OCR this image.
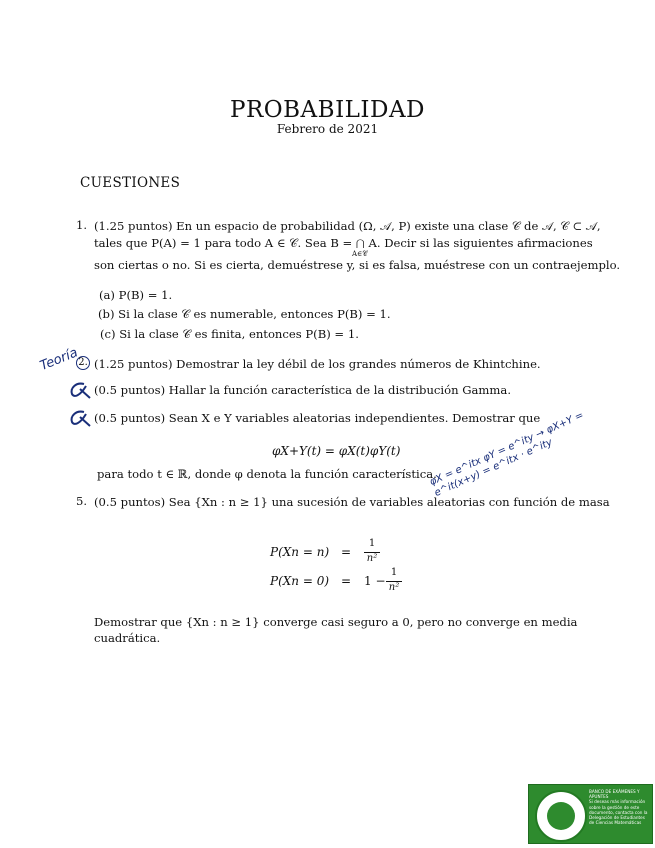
PROBABILIDAD
Febrero de 2021
CUESTIONES
1. (1.25 puntos) En un espacio de probabilidad (Ω, 𝒜, P) existe una clase 𝒞 de 𝒜, 𝒞 ⊂ 𝒜,
tales que P(A) = 1 para todo A ∈ 𝒞. Sea B = ⋂ A. Decir si las siguientes afirmaciones
A∈𝒞
son ciertas o no. Si es cierta, demuéstrese y, si es falsa, muéstrese con un contraejemplo.
(a) P(B) = 1.
(b) Si la clase 𝒞 es numerable, entonces P(B) = 1.
(c) Si la clase 𝒞 es finita, entonces P(B) = 1.
2. (1.25 puntos) Demostrar la ley débil de los grandes números de Khintchine.
(0.5 puntos) Hallar la función característica de la distribución Gamma.
(0.5 puntos) Sean X e Y variables aleatorias independientes. Demostrar que
φX+Y(t) = φX(t)φY(t)
para todo t ∈ ℝ, donde φ denota la función característica.
5. (0.5 puntos) Sea {Xn : n ≥ 1} una sucesión de variables aleatorias con función de masa
P(Xn = n) =
1
n²
P(Xn = 0) = 1 −
1
n²
Demostrar que {Xn : n ≥ 1} converge casi seguro a 0, pero no converge en media
cuadrática.
Teoría
φX = e^itx φY = e^ity → φX+Y = e^it(x+y) = e^itx · e^ity
BANCO DE EXÁMENES Y
APUNTES
Si deseas más información
sobre la gestión de este
documento, contacta con la
Delegación de Estudiantes
de Ciencias Matemáticas
